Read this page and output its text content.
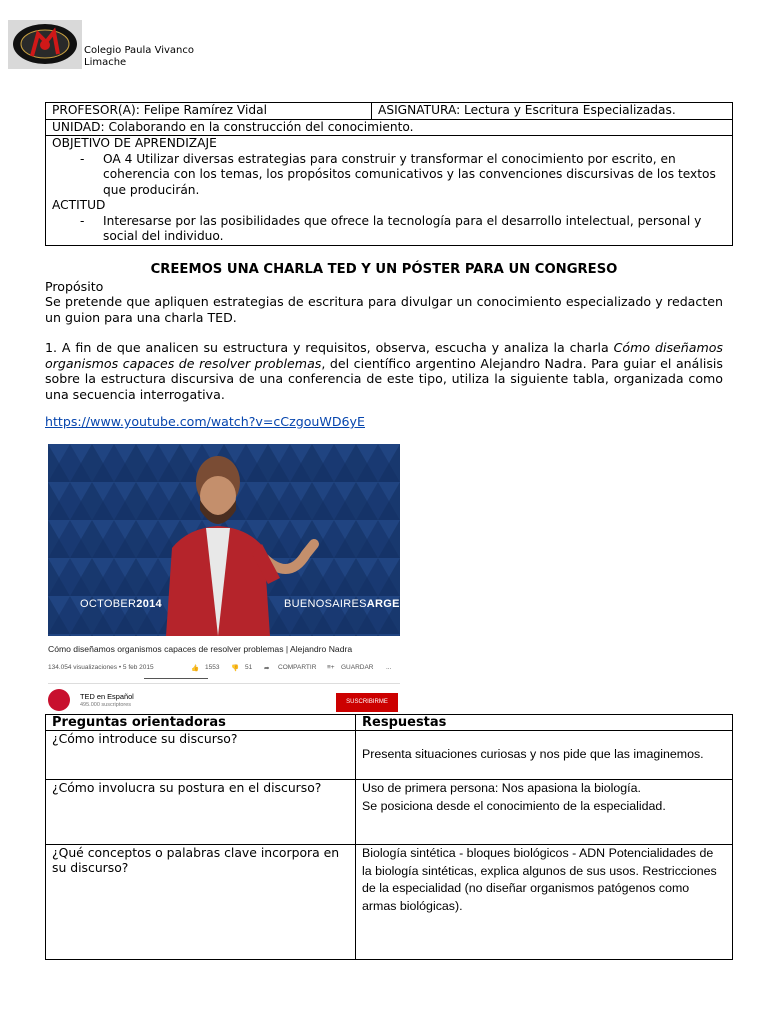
Colegio Paula Vivanco
Limache
PROFESOR(A): Felipe Ramírez Vidal	ASIGNATURA: Lectura y Escritura Especializadas.
UNIDAD: Colaborando en la construcción del conocimiento.

OBJETIVO DE APRENDIZAJE
- OA 4 Utilizar diversas estrategias para construir y transformar el conocimiento por escrito, en coherencia con los temas, los propósitos comunicativos y las convenciones discursivas de los textos que producirán.
ACTITUD
- Interesarse por las posibilidades que ofrece la tecnología para el desarrollo intelectual, personal y social del individuo.
CREEMOS UNA CHARLA TED Y UN PÓSTER PARA UN CONGRESO
Propósito
Se pretende que apliquen estrategias de escritura para divulgar un conocimiento especializado y redacten un guion para una charla TED.
1. A fin de que analicen su estructura y requisitos, observa, escucha y analiza la charla Cómo diseñamos organismos capaces de resolver problemas, del científico argentino Alejandro Nadra. Para guiar el análisis sobre la estructura discursiva de una conferencia de este tipo, utiliza la siguiente tabla, organizada como una secuencia interrogativa.
https://www.youtube.com/watch?v=cCzgouWD6yE
OCTOBER2014	BUENOSAIRESARGENTINA
Cómo diseñamos organismos capaces de resolver problemas | Alejandro Nadra
134.054 visualizaciones • 5 feb 2015	👍 1553 👎 51 ➦ COMPARTIR ≡+ GUARDAR ...
TED en Español
495.000 suscriptores	SUSCRIBIRME
Preguntas orientadoras	Respuestas
¿Cómo introduce su discurso?	Presenta situaciones curiosas y nos pide que las imaginemos.
¿Cómo involucra su postura en el discurso?	Uso de primera persona: Nos apasiona la biología.
Se posiciona desde el conocimiento de la especialidad.

¿Qué conceptos o palabras clave incorpora en su discurso?	Biología sintética - bloques biológicos - ADN Potencialidades de la biología sintéticas, explica algunos de sus usos. Restricciones de la especialidad (no diseñar organismos patógenos como armas biológicas).
